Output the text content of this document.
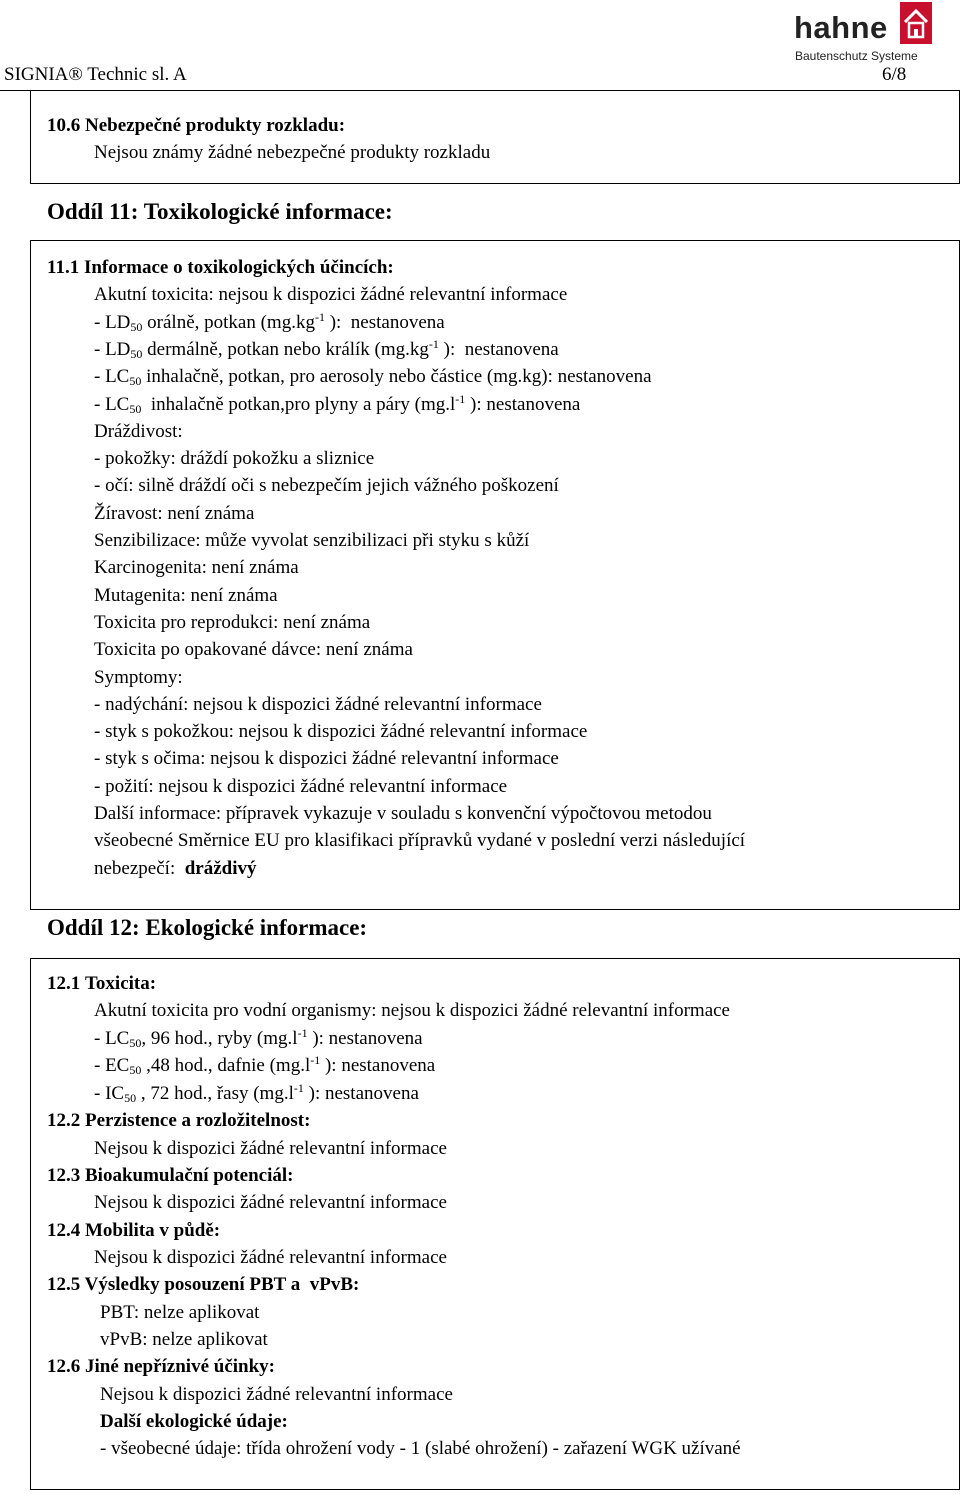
SIGNIA® Technic sl. A	6/8
hahne
Bautenschutz Systeme
10.6 Nebezpečné produkty rozkladu:
Nejsou známy žádné nebezpečné produkty rozkladu
Oddíl 11: Toxikologické informace:
11.1 Informace o toxikologických účincích:
Akutní toxicita: nejsou k dispozici žádné relevantní informace
- $LD_{50}$ orálně, potkan ($mg.kg^{-1}$ ):  nestanovena
- $LD_{50}$ dermálně, potkan nebo králík ($mg.kg^{-1}$ ):  nestanovena
- $LC_{50}$ inhalačně, potkan, pro aerosoly nebo částice (mg.kg): nestanovena
- $LC_{50}$  inhalačně potkan,pro plyny a páry ($mg.l^{-1}$ ): nestanovena
Dráždivost:
- pokožky: dráždí pokožku a sliznice
- očí: silně dráždí oči s nebezpečím jejich vážného poškození
Žíravost: není známa
Senzibilizace: může vyvolat senzibilizaci při styku s kůží
Karcinogenita: není známa
Mutagenita: není známa
Toxicita pro reprodukci: není známa
Toxicita po opakované dávce: není známa
Symptomy:
- nadýchání: nejsou k dispozici žádné relevantní informace
- styk s pokožkou: nejsou k dispozici žádné relevantní informace
- styk s očima: nejsou k dispozici žádné relevantní informace
- požití: nejsou k dispozici žádné relevantní informace
Další informace: přípravek vykazuje v souladu s konvenční výpočtovou metodou
všeobecné Směrnice EU pro klasifikaci přípravků vydané v poslední verzi následující
nebezpečí: dráždivý
Oddíl 12: Ekologické informace:
12.1 Toxicita:
Akutní toxicita pro vodní organismy: nejsou k dispozici žádné relevantní informace
- $LC_{50}$, 96 hod., ryby ($mg.l^{-1}$ ): nestanovena
- $EC_{50}$ ,48 hod., dafnie ($mg.l^{-1}$ ): nestanovena
- $IC_{50}$ , 72 hod., řasy ($mg.l^{-1}$ ): nestanovena
12.2 Perzistence a rozložitelnost:
Nejsou k dispozici žádné relevantní informace
12.3 Bioakumulační potenciál:
Nejsou k dispozici žádné relevantní informace
12.4 Mobilita v půdě:
Nejsou k dispozici žádné relevantní informace
12.5 Výsledky posouzení PBT a  vPvB:
PBT: nelze aplikovat
vPvB: nelze aplikovat
12.6 Jiné nepříznivé účinky:
Nejsou k dispozici žádné relevantní informace
Další ekologické údaje:
- všeobecné údaje: třída ohrožení vody - 1 (slabé ohrožení) - zařazení WGK užívané
